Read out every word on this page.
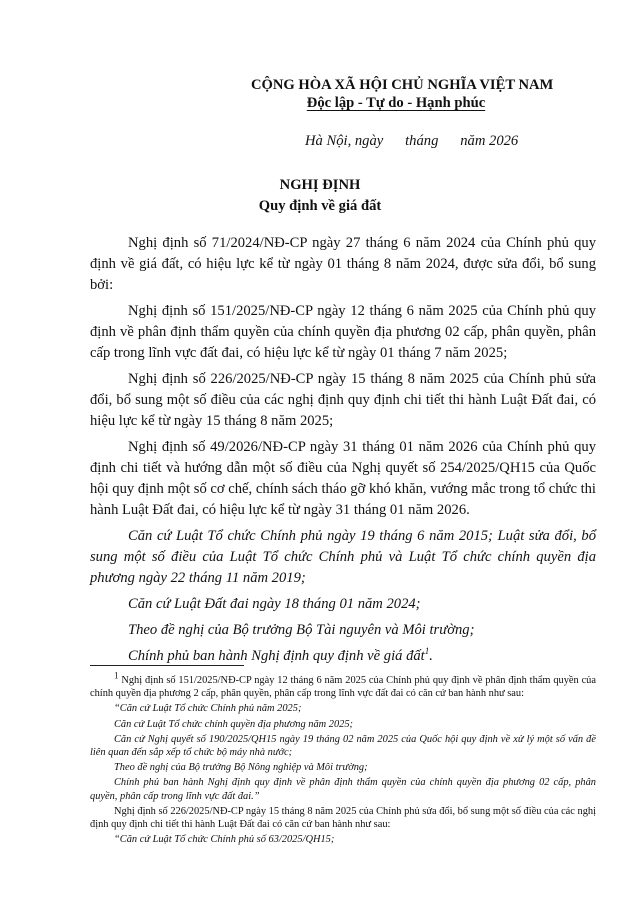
CỘNG HÒA XÃ HỘI CHỦ NGHĨA VIỆT NAM
Độc lập - Tự do - Hạnh phúc
Hà Nội, ngày      tháng      năm 2026
NGHỊ ĐỊNH
Quy định về giá đất

Nghị định số 71/2024/NĐ-CP ngày 27 tháng 6 năm 2024 của Chính phủ quy định về giá đất, có hiệu lực kể từ ngày 01 tháng 8 năm 2024, được sửa đổi, bổ sung bởi:

Nghị định số 151/2025/NĐ-CP ngày 12 tháng 6 năm 2025 của Chính phủ quy định về phân định thẩm quyền của chính quyền địa phương 02 cấp, phân quyền, phân cấp trong lĩnh vực đất đai, có hiệu lực kể từ ngày 01 tháng 7 năm 2025;

Nghị định số 226/2025/NĐ-CP ngày 15 tháng 8 năm 2025 của Chính phủ sửa đổi, bổ sung một số điều của các nghị định quy định chi tiết thi hành Luật Đất đai, có hiệu lực kể từ ngày 15 tháng 8 năm 2025;

Nghị định số 49/2026/NĐ-CP ngày 31 tháng 01 năm 2026 của Chính phủ quy định chi tiết và hướng dẫn một số điều của Nghị quyết số 254/2025/QH15 của Quốc hội quy định một số cơ chế, chính sách tháo gỡ khó khăn, vướng mắc trong tổ chức thi hành Luật Đất đai, có hiệu lực kể từ ngày 31 tháng 01 năm 2026.

Căn cứ Luật Tổ chức Chính phủ ngày 19 tháng 6 năm 2015; Luật sửa đổi, bổ sung một số điều của Luật Tổ chức Chính phủ và Luật Tổ chức chính quyền địa phương ngày 22 tháng 11 năm 2019;

Căn cứ Luật Đất đai ngày 18 tháng 01 năm 2024;

Theo đề nghị của Bộ trưởng Bộ Tài nguyên và Môi trường;

Chính phủ ban hành Nghị định quy định về giá đất$^1$.

$^1$ Nghị định số 151/2025/NĐ-CP ngày 12 tháng 6 năm 2025 của Chính phủ quy định về phân định thẩm quyền của chính quyền địa phương 2 cấp, phân quyền, phân cấp trong lĩnh vực đất đai có căn cứ ban hành như sau:

“Căn cứ Luật Tổ chức Chính phủ năm 2025;

Căn cứ Luật Tổ chức chính quyền địa phương năm 2025;

Căn cứ Nghị quyết số 190/2025/QH15 ngày 19 tháng 02 năm 2025 của Quốc hội quy định về xử lý một số vấn đề liên quan đến sắp xếp tổ chức bộ máy nhà nước;

Theo đề nghị của Bộ trưởng Bộ Nông nghiệp và Môi trường;

Chính phủ ban hành Nghị định quy định về phân định thẩm quyền của chính quyền địa phương 02 cấp, phân quyền, phân cấp trong lĩnh vực đất đai.”

Nghị định số 226/2025/NĐ-CP ngày 15 tháng 8 năm 2025 của Chính phủ sửa đổi, bổ sung một số điều của các nghị định quy định chi tiết thi hành Luật Đất đai có căn cứ ban hành như sau:

“Căn cứ Luật Tổ chức Chính phủ số 63/2025/QH15;
